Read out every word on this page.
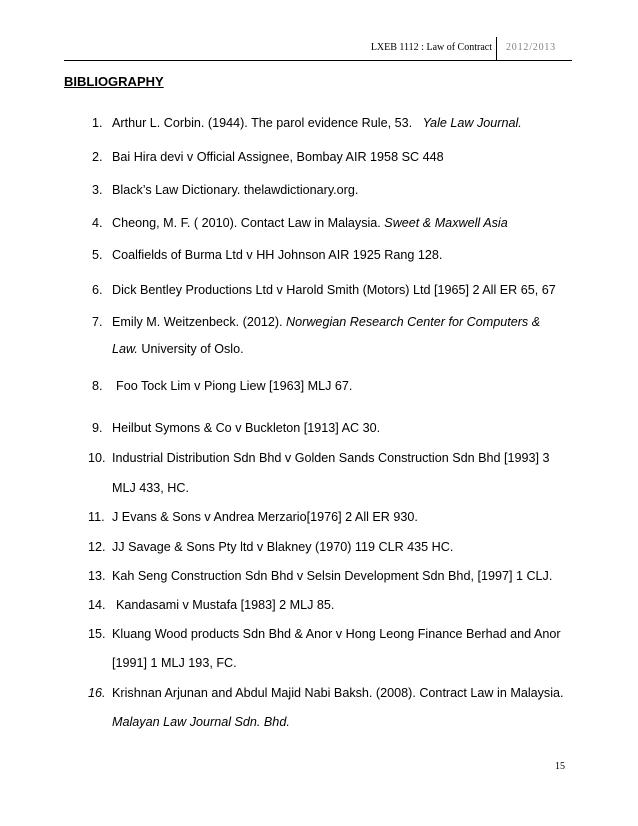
LXEB 1112 : Law of Contract 2012/2013
BIBLIOGRAPHY
1. Arthur L. Corbin. (1944). The parol evidence Rule, 53. Yale Law Journal.
2. Bai Hira devi v Official Assignee, Bombay AIR 1958 SC 448
3. Black’s Law Dictionary. thelawdictionary.org.
4. Cheong, M. F. ( 2010). Contact Law in Malaysia. Sweet & Maxwell Asia
5. Coalfields of Burma Ltd v HH Johnson AIR 1925 Rang 128.
6. Dick Bentley Productions Ltd v Harold Smith (Motors) Ltd [1965] 2 All ER 65, 67
7. Emily M. Weitzenbeck. (2012). Norwegian Research Center for Computers &
Law. University of Oslo.
8.	Foo Tock Lim v Piong Liew [1963] MLJ 67.
9. Heilbut Symons & Co v Buckleton [1913] AC 30.
10. Industrial Distribution Sdn Bhd v Golden Sands Construction Sdn Bhd [1993] 3
MLJ 433, HC.
11. J Evans & Sons v Andrea Merzario[1976] 2 All ER 930.
12. JJ Savage & Sons Pty ltd v Blakney (1970) 119 CLR 435 HC.
13. Kah Seng Construction Sdn Bhd v Selsin Development Sdn Bhd, [1997] 1 CLJ.
14. Kandasami v Mustafa [1983] 2 MLJ 85.
15. Kluang Wood products Sdn Bhd & Anor v Hong Leong Finance Berhad and Anor
[1991] 1 MLJ 193, FC.
16. Krishnan Arjunan and Abdul Majid Nabi Baksh. (2008). Contract Law in Malaysia.
Malayan Law Journal Sdn. Bhd.
15
